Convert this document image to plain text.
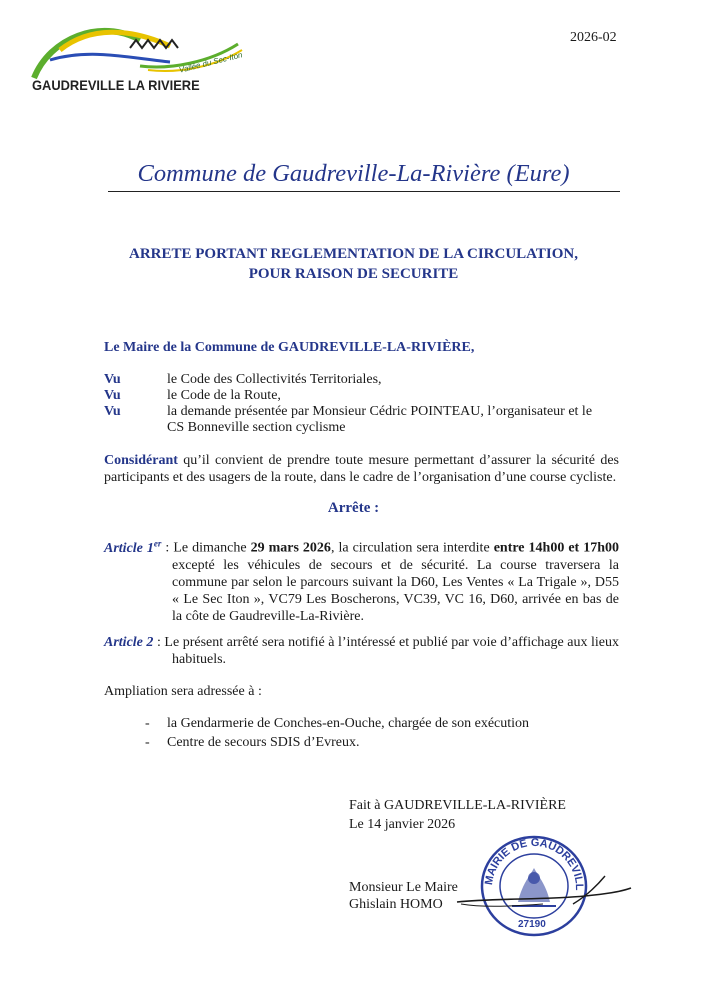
Vallée du Sec-Iton
GAUDREVILLE LA RIVIERE
2026-02
Commune de Gaudreville-La-Rivière (Eure)
ARRETE PORTANT REGLEMENTATION DE LA CIRCULATION,
POUR RAISON DE SECURITE
Le Maire de la Commune de GAUDREVILLE-LA-RIVIÈRE,
Vu	le Code des Collectivités Territoriales,
Vu	le Code de la Route,
Vu	la demande présentée par Monsieur Cédric POINTEAU, l’organisateur et le CS Bonneville section cyclisme
Considérant qu’il convient de prendre toute mesure permettant d’assurer la sécurité des participants et des usagers de la route, dans le cadre de l’organisation d’une course cycliste.
Arrête :
Article 1er : Le dimanche 29 mars 2026, la circulation sera interdite entre 14h00 et 17h00 excepté les véhicules de secours et de sécurité. La course traversera la commune par selon le parcours suivant la D60, Les Ventes « La Trigale », D55 « Le Sec Iton », VC79 Les Boscherons, VC39, VC 16, D60, arrivée en bas de la côte de Gaudreville-La-Rivière.
Article 2 : Le présent arrêté sera notifié à l’intéressé et publié par voie d’affichage aux lieux habituels.
Ampliation sera adressée à :
- la Gendarmerie de Conches-en-Ouche, chargée de son exécution
- Centre de secours SDIS d’Evreux.
Fait à GAUDREVILLE-LA-RIVIÈRE
Le 14 janvier 2026
Monsieur Le Maire
Ghislain HOMO
MAIRIE DE GAUDREVILL
27190
